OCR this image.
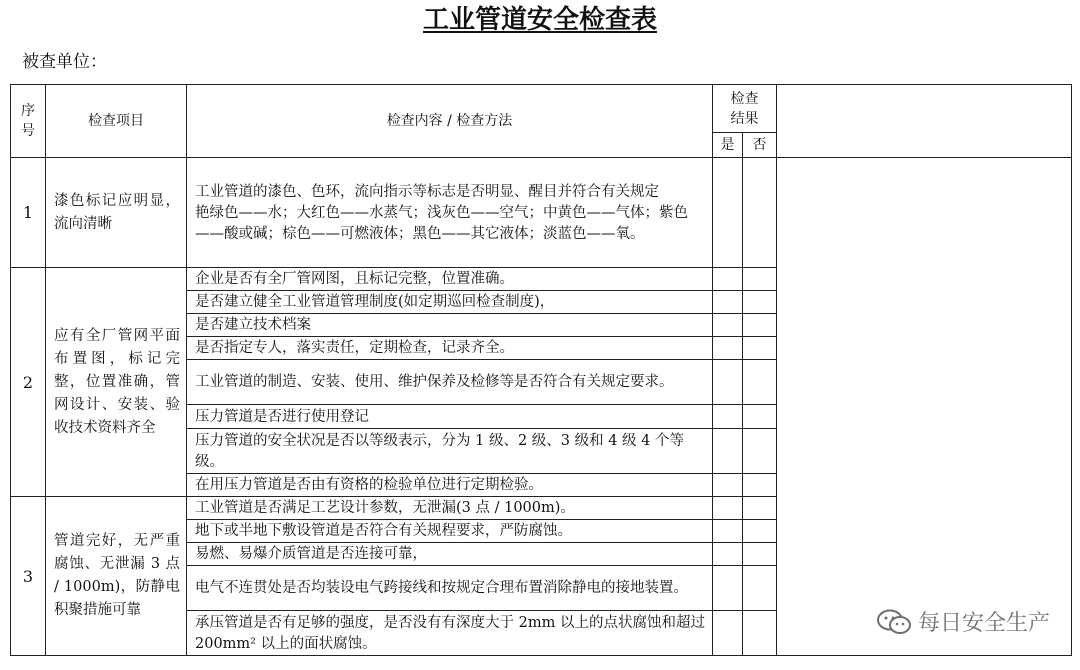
工业管道安全检查表
被查单位：
序号	检查项目	检查内容 / 检查方法	检查结果		
			是	否	
1	漆色标记应明显，流向清晰	工业管道的漆色、色环，流向指示等标志是否明显、醒目并符合有关规定
艳绿色——水；大红色——水蒸气；浅灰色——空气；中黄色——气体；紫色——酸或碱；棕色——可燃液体；黑色——其它液体；淡蓝色——氧。			

2	应有全厂管网平面布置图，标记完整，位置准确，管网设计、安装、验收技术资料齐全	企业是否有全厂管网图，且标记完整，位置准确。			
		是否建立健全工业管道管理制度(如定期巡回检查制度)，			
		是否建立技术档案			
		是否指定专人，落实责任，定期检查，记录齐全。			
		工业管道的制造、安装、使用、维护保养及检修等是否符合有关规定要求。			
		压力管道是否进行使用登记			
		压力管道的安全状况是否以等级表示，分为 1 级、2 级、3 级和 4 级 4 个等级。			
		在用压力管道是否由有资格的检验单位进行定期检验。			
3	管道完好，无严重腐蚀、无泄漏 3 点 / 1000m)，防静电积聚措施可靠	工业管道是否满足工艺设计参数，无泄漏(3 点 / 1000m)。			
		地下或半地下敷设管道是否符合有关规程要求，严防腐蚀。			
		易燃、易爆介质管道是否连接可靠，			
		电气不连贯处是否均装设电气跨接线和按规定合理布置消除静电的接地装置。			
		承压管道是否有足够的强度，是否没有有深度大于 2mm 以上的点状腐蚀和超过 200mm² 以上的面状腐蚀。			
每日安全生产
